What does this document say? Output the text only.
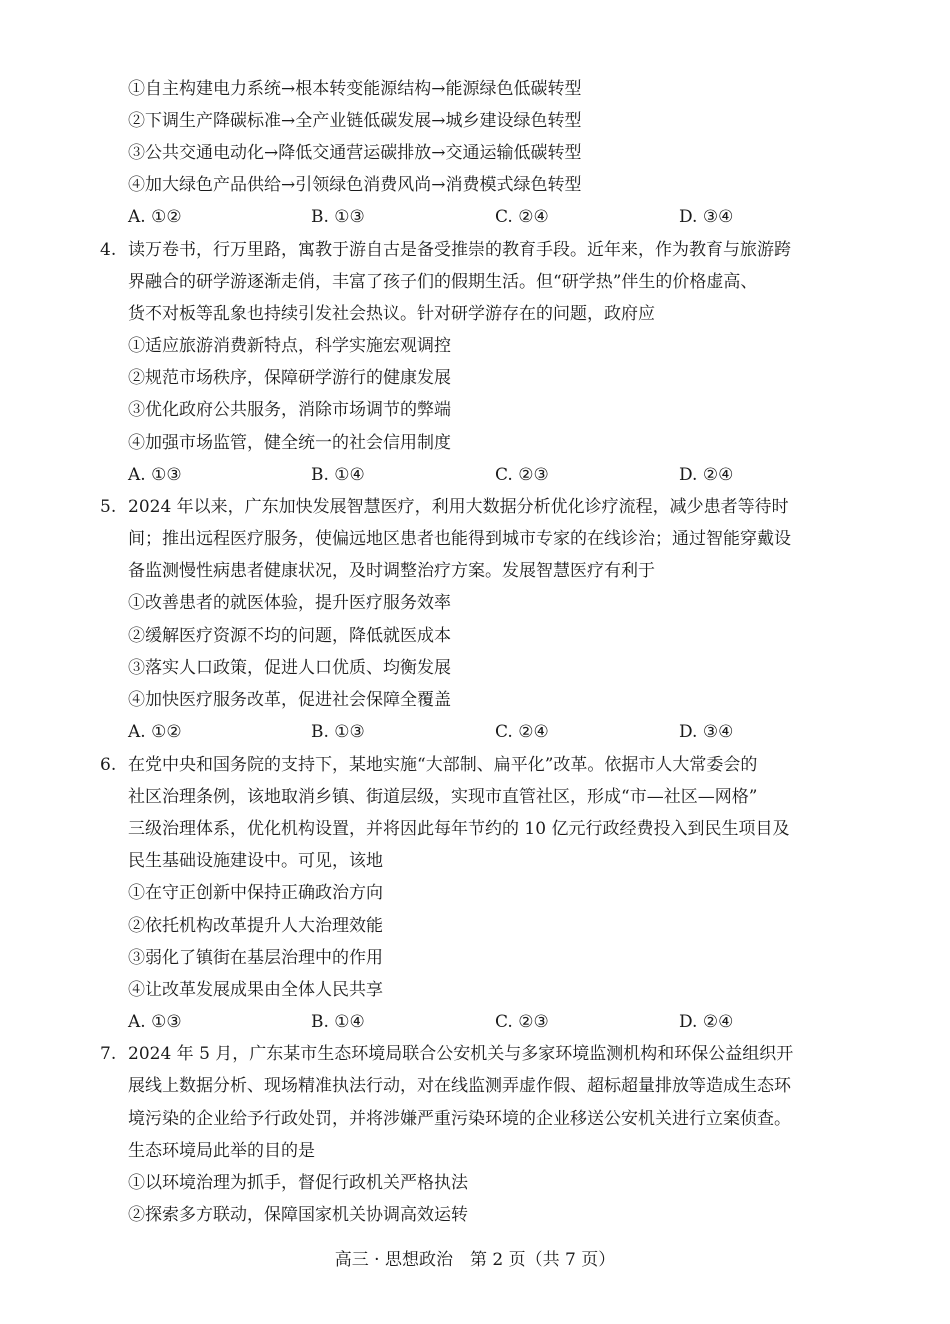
①自主构建电力系统→根本转变能源结构→能源绿色低碳转型
②下调生产降碳标准→全产业链低碳发展→城乡建设绿色转型
③公共交通电动化→降低交通营运碳排放→交通运输低碳转型
④加大绿色产品供给→引领绿色消费风尚→消费模式绿色转型
A. ①②	B. ①③	C. ②④	D. ③④
4. 读万卷书，行万里路，寓教于游自古是备受推崇的教育手段。近年来，作为教育与旅游跨
界融合的研学游逐渐走俏，丰富了孩子们的假期生活。但“研学热”伴生的价格虚高、
货不对板等乱象也持续引发社会热议。针对研学游存在的问题，政府应
①适应旅游消费新特点，科学实施宏观调控
②规范市场秩序，保障研学游行的健康发展
③优化政府公共服务，消除市场调节的弊端
④加强市场监管，健全统一的社会信用制度
A. ①③	B. ①④	C. ②③	D. ②④
5. 2024 年以来，广东加快发展智慧医疗，利用大数据分析优化诊疗流程，减少患者等待时
间；推出远程医疗服务，使偏远地区患者也能得到城市专家的在线诊治；通过智能穿戴设
备监测慢性病患者健康状况，及时调整治疗方案。发展智慧医疗有利于
①改善患者的就医体验，提升医疗服务效率
②缓解医疗资源不均的问题，降低就医成本
③落实人口政策，促进人口优质、均衡发展
④加快医疗服务改革，促进社会保障全覆盖
A. ①②	B. ①③	C. ②④	D. ③④
6. 在党中央和国务院的支持下，某地实施“大部制、扁平化”改革。依据市人大常委会的
社区治理条例，该地取消乡镇、街道层级，实现市直管社区，形成“市—社区—网格”
三级治理体系，优化机构设置，并将因此每年节约的 10 亿元行政经费投入到民生项目及
民生基础设施建设中。可见，该地
①在守正创新中保持正确政治方向
②依托机构改革提升人大治理效能
③弱化了镇街在基层治理中的作用
④让改革发展成果由全体人民共享
A. ①③	B. ①④	C. ②③	D. ②④
7. 2024 年 5 月，广东某市生态环境局联合公安机关与多家环境监测机构和环保公益组织开
展线上数据分析、现场精准执法行动，对在线监测弄虚作假、超标超量排放等造成生态环
境污染的企业给予行政处罚，并将涉嫌严重污染环境的企业移送公安机关进行立案侦查。
生态环境局此举的目的是
①以环境治理为抓手，督促行政机关严格执法
②探索多方联动，保障国家机关协调高效运转
高三 · 思想政治　第 2 页（共 7 页）
